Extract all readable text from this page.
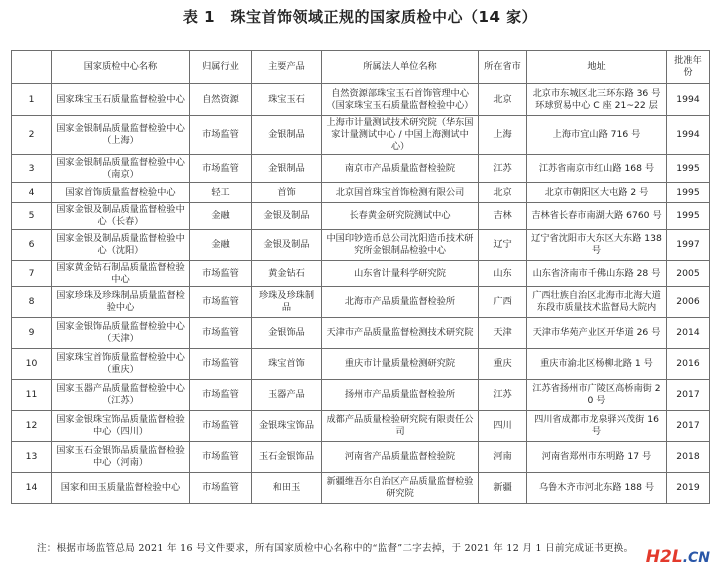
表 1　珠宝首饰领域正规的国家质检中心（14 家）
	国家质检中心名称	归属行业	主要产品	所属法人单位名称	所在省市	地址	批准年份
1	国家珠宝玉石质量监督检验中心	自然资源	珠宝玉石	自然资源部珠宝玉石首饰管理中心（国家珠宝玉石质量监督检验中心）	北京	北京市东城区北三环东路 36 号环球贸易中心 C 座 21~22 层	1994
2	国家金银制品质量监督检验中心（上海）	市场监管	金银制品	上海市计量测试技术研究院（华东国家计量测试中心 / 中国上海测试中心）	上海	上海市宜山路 716 号	1994
3	国家金银制品质量监督检验中心（南京）	市场监管	金银制品	南京市产品质量监督检验院	江苏	江苏省南京市红山路 168 号	1995
4	国家首饰质量监督检验中心	轻工	首饰	北京国首珠宝首饰检测有限公司	北京	北京市朝阳区大屯路 2 号	1995
5	国家金银及制品质量监督检验中心（长春）	金融	金银及制品	长春黄金研究院测试中心	吉林	吉林省长春市南湖大路 6760 号	1995
6	国家金银及制品质量监督检验中心（沈阳）	金融	金银及制品	中国印钞造币总公司沈阳造币技术研究所金银制品检验中心	辽宁	辽宁省沈阳市大东区大东路 138 号	1997
7	国家黄金钻石制品质量监督检验中心	市场监管	黄金钻石	山东省计量科学研究院	山东	山东省济南市千佛山东路 28 号	2005
8	国家珍珠及珍珠制品质量监督检验中心	市场监管	珍珠及珍珠制品	北海市产品质量监督检验所	广西	广西壮族自治区北海市北海大道东段市质量技术监督局大院内	2006
9	国家金银饰品质量监督检验中心（天津）	市场监管	金银饰品	天津市产品质量监督检测技术研究院	天津	天津市华苑产业区开华道 26 号	2014
10	国家珠宝首饰质量监督检验中心（重庆）	市场监管	珠宝首饰	重庆市计量质量检测研究院	重庆	重庆市渝北区杨柳北路 1 号	2016
11	国家玉器产品质量监督检验中心（江苏）	市场监管	玉器产品	扬州市产品质量监督检验所	江苏	江苏省扬州市广陵区高桥南街 20 号	2017
12	国家金银珠宝饰品质量监督检验中心（四川）	市场监管	金银珠宝饰品	成都产品质量检验研究院有限责任公司	四川	四川省成都市龙泉驿兴茂街 16 号	2017
13	国家玉石金银饰品质量监督检验中心（河南）	市场监管	玉石金银饰品	河南省产品质量监督检验院	河南	河南省郑州市东明路 17 号	2018
14	国家和田玉质量监督检验中心	市场监管	和田玉	新疆维吾尔自治区产品质量监督检验研究院	新疆	乌鲁木齐市河北东路 188 号	2019
注：根据市场监管总局 2021 年 16 号文件要求，所有国家质检中心名称中的“监督”二字去掉，于 2021 年 12 月 1 日前完成证书更换。 H2L.CN
